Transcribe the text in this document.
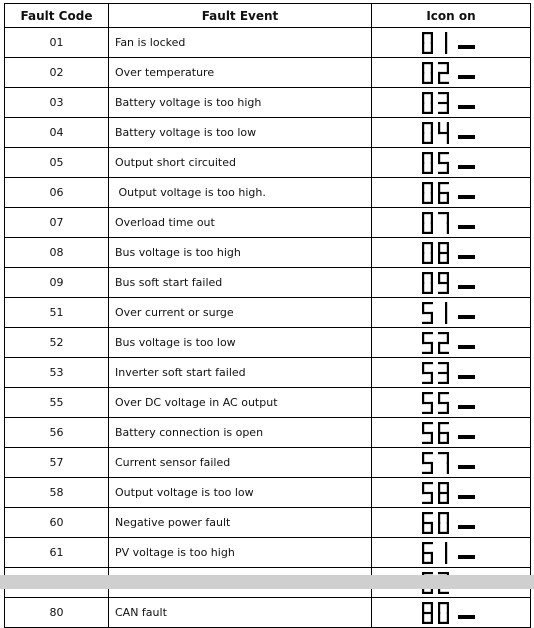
Fault Code	Fault Event	Icon on
01	Fan is locked	
02	Over temperature	
03	Battery voltage is too high	
04	Battery voltage is too low	
05	Output short circuited	
06	Output voltage is too high.	
07	Overload time out	
08	Bus voltage is too high	
09	Bus soft start failed	
51	Over current or surge	
52	Bus voltage is too low	
53	Inverter soft start failed	
55	Over DC voltage in AC output	
56	Battery connection is open	
57	Current sensor failed	
58	Output voltage is too low	
60	Negative power fault	
61	PV voltage is too high	

80	CAN fault	
